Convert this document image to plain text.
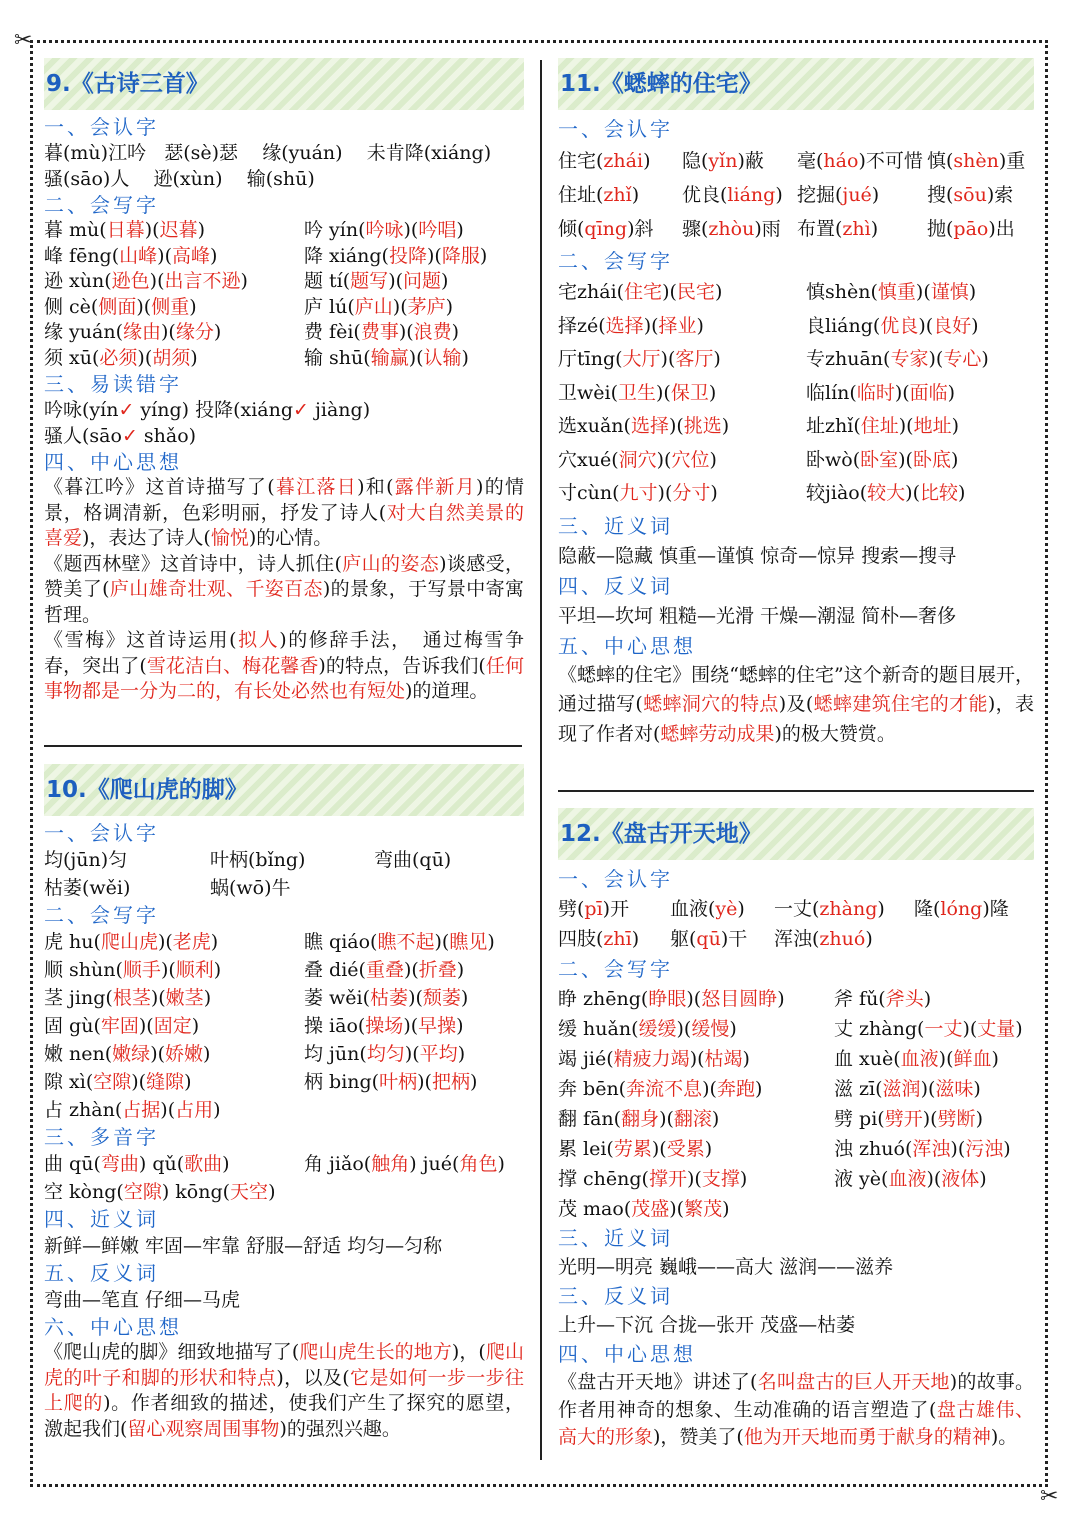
✂
✂
9.《古诗三首》
一、会认字
暮(mù)江吟 瑟(sè)瑟 缘(yuán) 未肯降(xiáng)
骚(sāo)人 逊(xùn) 输(shū)
二、会写字
暮 mù(日暮)(迟暮)	吟 yín(吟咏)(吟唱)
峰 fēng(山峰)(高峰)	降 xiáng(投降)(降服)
逊 xùn(逊色)(出言不逊)	题 tí(题写)(问题)
侧 cè(侧面)(侧重)	庐 lú(庐山)(茅庐)
缘 yuán(缘由)(缘分)	费 fèi(费事)(浪费)
须 xū(必须)(胡须)	输 shū(输赢)(认输)
三、易读错字
吟咏(yín✓ yíng) 投降(xiáng✓ jiàng)
骚人(sāo✓ shǎo)
四、中心思想
《暮江吟》这首诗描写了(暮江落日)和(露伴新月)的情景，格调清新，色彩明丽，抒发了诗人(对大自然美景的喜爱)，表达了诗人(愉悦)的心情。
《题西林壁》这首诗中，诗人抓住(庐山的姿态)谈感受，赞美了(庐山雄奇壮观、千姿百态)的景象，于写景中寄寓哲理。
《雪梅》这首诗运用(拟人)的修辞手法，　通过梅雪争春，突出了(雪花洁白、梅花馨香)的特点，告诉我们(任何事物都是一分为二的，有长处必然也有短处)的道理。
10.《爬山虎的脚》
一、会认字
均(jūn)匀	叶柄(bǐng)	弯曲(qū)
枯萎(wěi)	蜗(wō)牛
二、会写字
虎 hu(爬山虎)(老虎)	瞧 qiáo(瞧不起)(瞧见)
顺 shùn(顺手)(顺利)	叠 dié(重叠)(折叠)
茎 jing(根茎)(嫩茎)	萎 wěi(枯萎)(颓萎)
固 gù(牢固)(固定)	操 iāo(操场)(早操)
嫩 nen(嫩绿)(娇嫩)	均 jūn(均匀)(平均)
隙 xì(空隙)(缝隙)	柄 bing(叶柄)(把柄)
占 zhàn(占据)(占用)
三、多音字
曲 qū(弯曲) qǔ(歌曲)	角 jiǎo(触角) jué(角色)
空 kòng(空隙) kōng(天空)
四、近义词
新鲜—鲜嫩 牢固—牢靠 舒服—舒适 均匀—匀称
五、反义词
弯曲—笔直 仔细—马虎
六、中心思想
《爬山虎的脚》细致地描写了(爬山虎生长的地方)，(爬山虎的叶子和脚的形状和特点)，以及(它是如何一步一步往上爬的)。作者细致的描述，使我们产生了探究的愿望，激起我们(留心观察周围事物)的强烈兴趣。
11.《蟋蟀的住宅》
一、会认字
住宅(zhái) 隐(yǐn)蔽 毫(háo)不可惜 慎(shèn)重
住址(zhǐ) 优良(liáng) 挖掘(jué)	搜(sōu)索
倾(qīng)斜 骤(zhòu)雨 布置(zhì)	抛(pāo)出
二、会写字
宅zhái(住宅)(民宅)	慎shèn(慎重)(谨慎)
择zé(选择)(择业)	良liáng(优良)(良好)
厅tīng(大厅)(客厅)	专zhuān(专家)(专心)
卫wèi(卫生)(保卫)	临lín(临时)(面临)
选xuǎn(选择)(挑选)	址zhǐ(住址)(地址)
穴xué(洞穴)(穴位)	卧wò(卧室)(卧底)
寸cùn(九寸)(分寸)	较jiào(较大)(比较)
三、近义词
隐蔽—隐藏 慎重—谨慎 惊奇—惊异 搜索—搜寻
四、反义词
平坦—坎坷 粗糙—光滑 干燥—潮湿 简朴—奢侈
五、中心思想
《蟋蟀的住宅》围绕“蟋蟀的住宅”这个新奇的题目展开，通过描写(蟋蟀洞穴的特点)及(蟋蟀建筑住宅的才能)，表现了作者对(蟋蟀劳动成果)的极大赞赏。
12.《盘古开天地》
一、会认字
劈(pī)开 血液(yè) 一丈(zhàng) 隆(lóng)隆
四肢(zhī) 躯(qū)干 浑浊(zhuó)
二、会写字
睁 zhēng(睁眼)(怒目圆睁)	斧 fǔ(斧头)
缓 huǎn(缓缓)(缓慢)	丈 zhàng(一丈)(丈量)
竭 jié(精疲力竭)(枯竭)	血 xuè(血液)(鲜血)
奔 bēn(奔流不息)(奔跑)	滋 zī(滋润)(滋味)
翻 fān(翻身)(翻滚)	劈 pi(劈开)(劈断)
累 lei(劳累)(受累)	浊 zhuó(浑浊)(污浊)
撑 chēng(撑开)(支撑)	液 yè(血液)(液体)
茂 mao(茂盛)(繁茂)
三、近义词
光明—明亮 巍峨——高大 滋润——滋养
三、反义词
上升—下沉 合拢—张开 茂盛—枯萎
四、中心思想
《盘古开天地》讲述了(名叫盘古的巨人开天地)的故事。作者用神奇的想象、生动准确的语言塑造了(盘古雄伟、高大的形象)，赞美了(他为开天地而勇于献身的精神)。
